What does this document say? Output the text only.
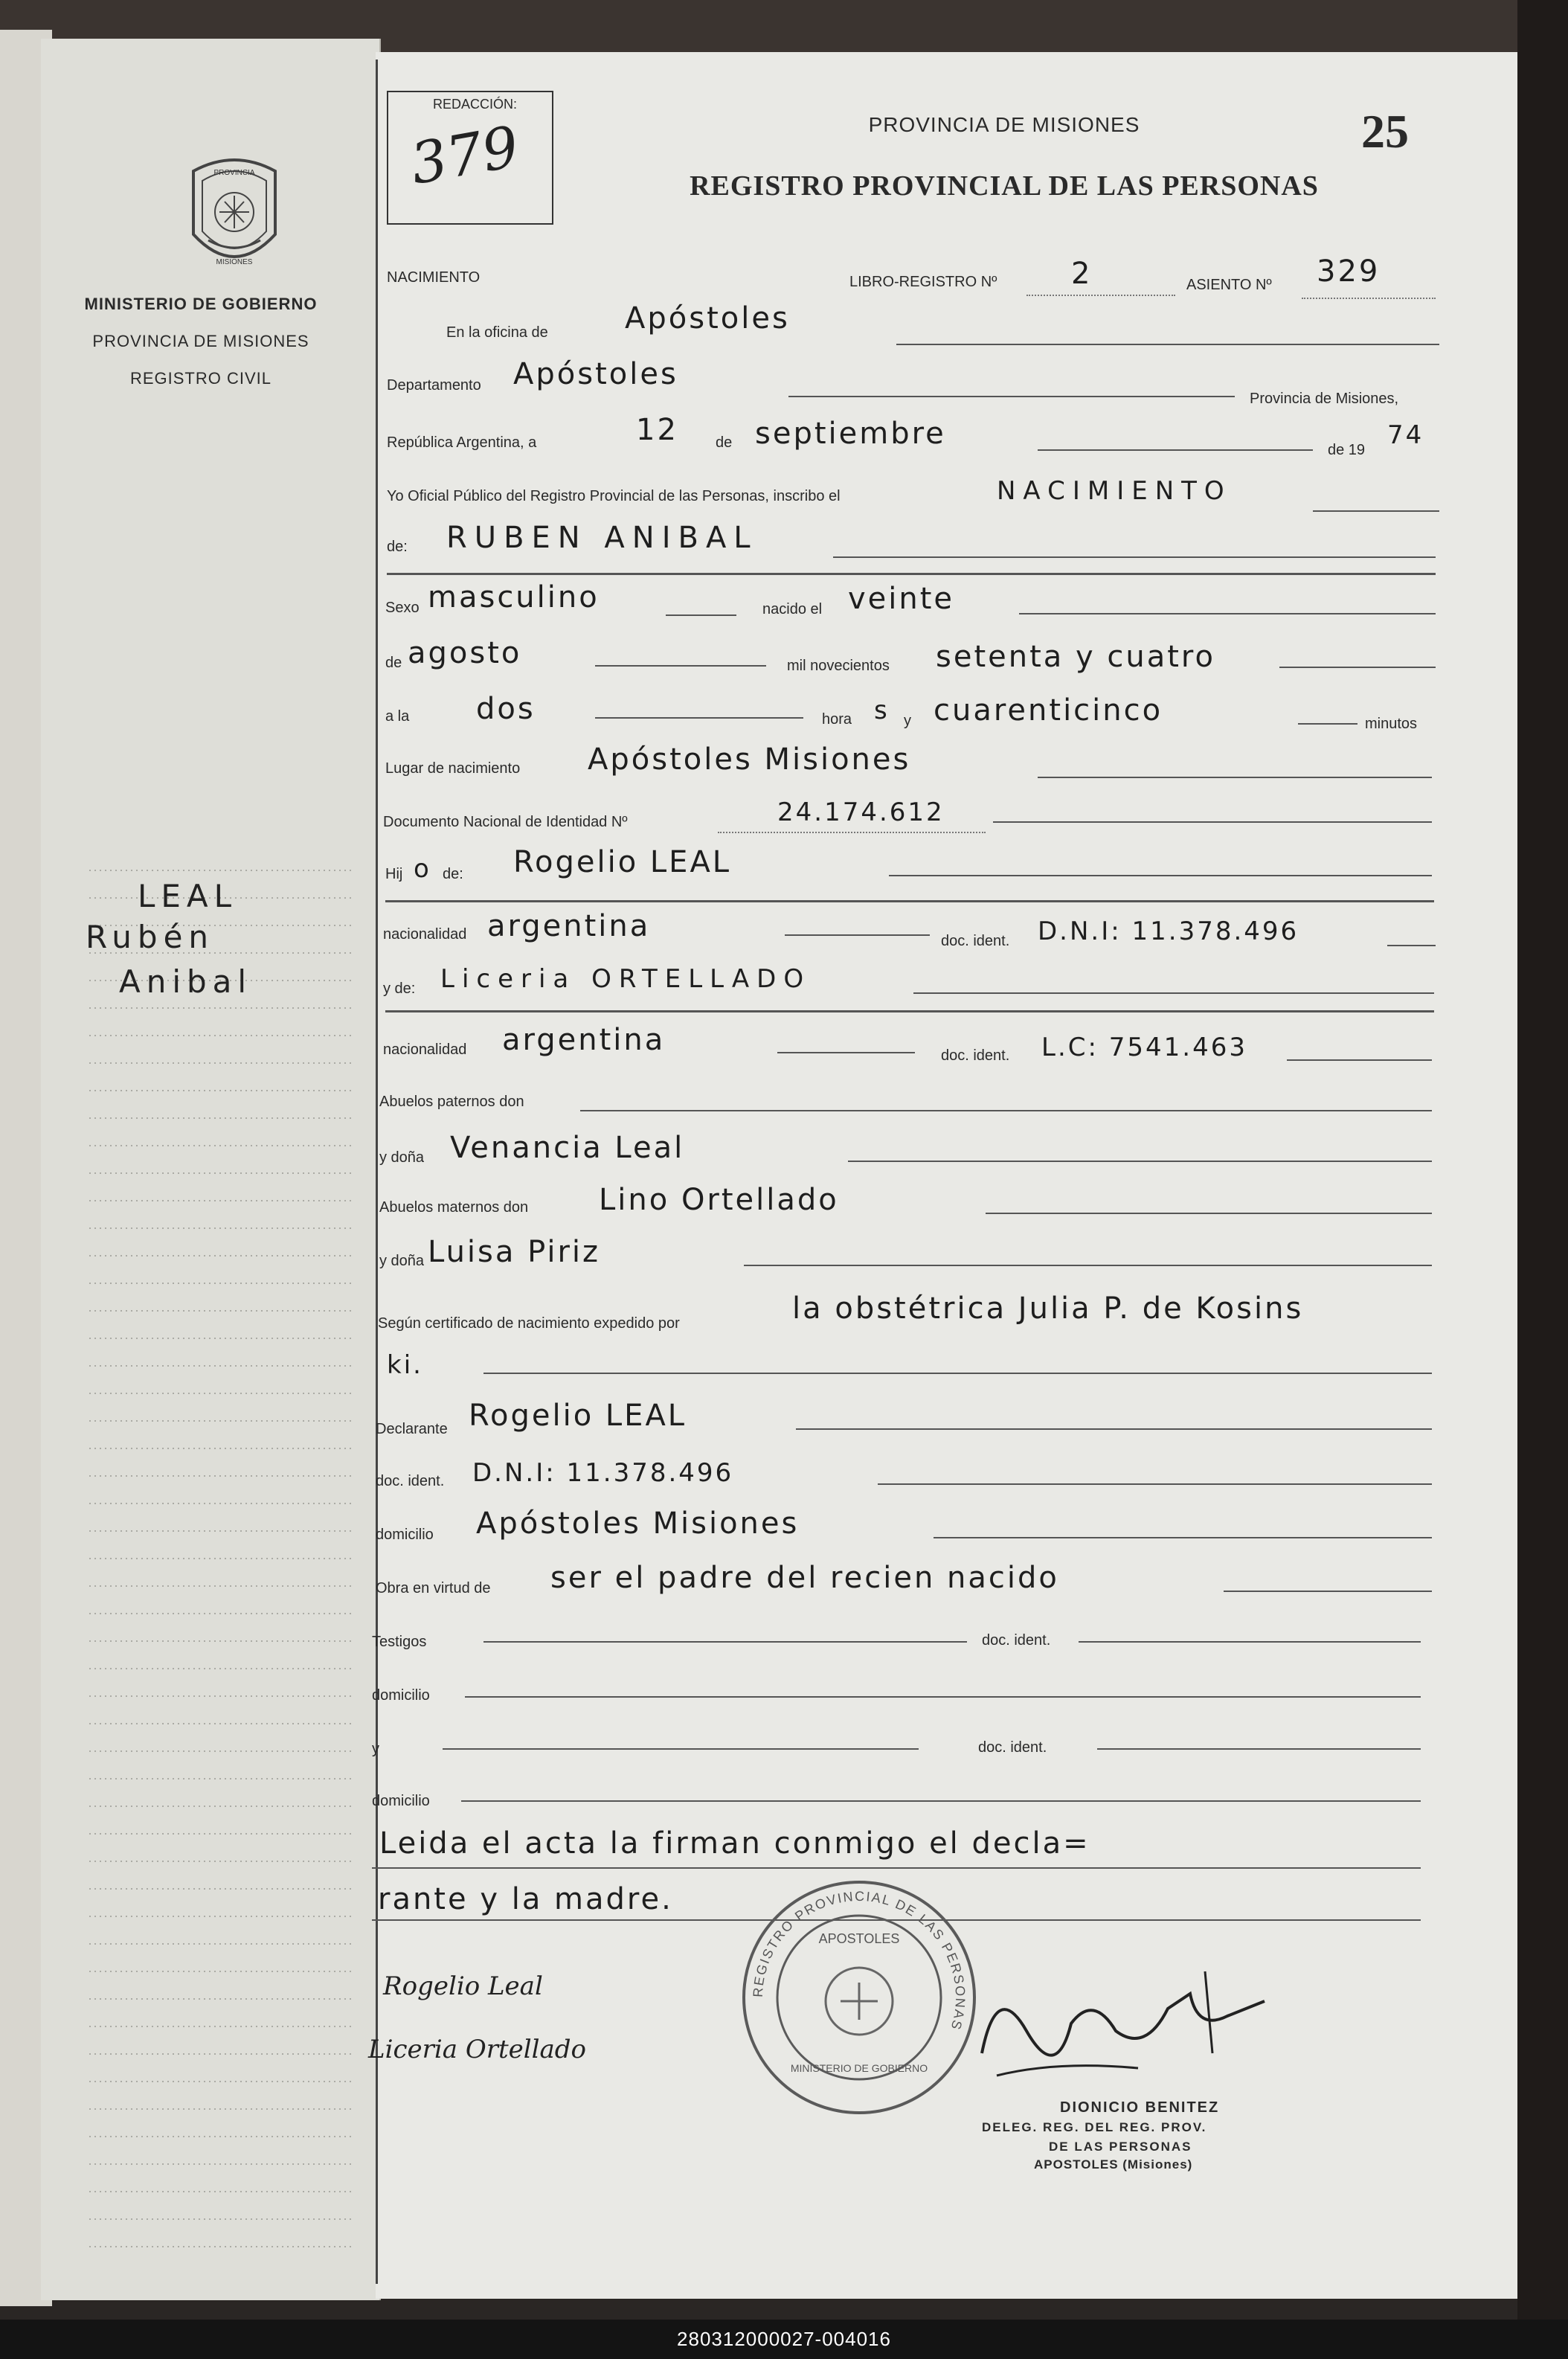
PROVINCIA
MISIONES
MINISTERIO DE GOBIERNO
PROVINCIA DE MISIONES
REGISTRO CIVIL
LEAL
Rubén
Anibal
REDACCIÓN:
379	PROVINCIA DE MISIONES
REGISTRO PROVINCIAL DE LAS PERSONAS
25
NACIMIENTO	LIBRO-REGISTRO Nº 2	ASIENTO Nº 329
En la oficina de	Apóstoles
Departamento Apóstoles
Provincia de Misiones,
República Argentina, a	12	de septiembre	de 19 74
Yo Oficial Público del Registro Provincial de las Personas, inscribo el	NACIMIENTO
de: RUBEN ANIBAL
Sexo masculino	nacido el veinte
de agosto	mil novecientos setenta y cuatro
a la dos	hora s y cuarenticinco	minutos
Lugar de nacimiento Apóstoles Misiones
Documento Nacional de Identidad Nº	24.174.612
Hij o de: Rogelio LEAL
nacionalidad argentina	doc. ident. D.N.I: 11.378.496
y de: Liceria ORTELLADO
nacionalidad argentina	doc. ident. L.C: 7541.463
Abuelos paternos don
y doña Venancia Leal
Abuelos maternos don Lino Ortellado
y doña Luisa Piriz
Según certificado de nacimiento expedido por	la obstétrica Julia P. de Kosins
ki.
Declarante Rogelio LEAL
doc. ident. D.N.I: 11.378.496
domicilio Apóstoles Misiones
Obra en virtud de ser el padre del recien nacido
Testigos	doc. ident.
domicilio
y	doc. ident.
domicilio
Leida el acta la firman conmigo el decla=
rante y la madre.
REGISTRO PROVINCIAL DE LAS PERSONAS
APOSTOLES
MINISTERIO DE GOBIERNO
Rogelio Leal
Liceria Ortellado
DIONICIO BENITEZ
DELEG. REG. DEL REG. PROV.
DE LAS PERSONAS
APOSTOLES (Misiones)
280312000027-004016
